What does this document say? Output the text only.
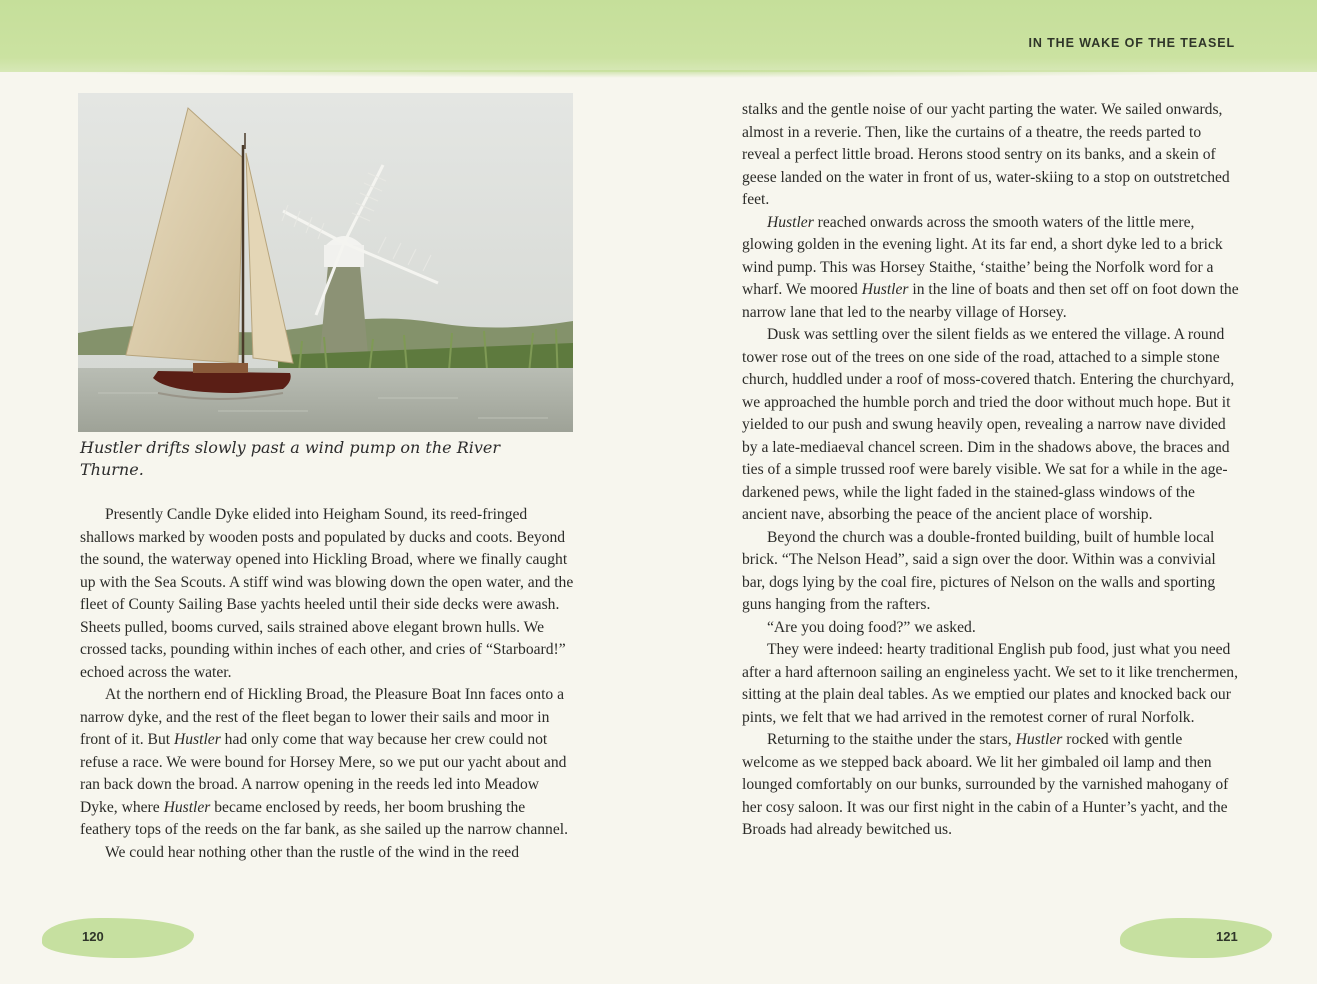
IN THE WAKE OF THE TEASEL
Hustler drifts slowly past a wind pump on the River Thurne.

Presently Candle Dyke elided into Heigham Sound, its reed-fringed shallows marked by wooden posts and populated by ducks and coots. Beyond the sound, the waterway opened into Hickling Broad, where we finally caught up with the Sea Scouts. A stiff wind was blowing down the open water, and the fleet of County Sailing Base yachts heeled until their side decks were awash. Sheets pulled, booms curved, sails strained above elegant brown hulls. We crossed tacks, pounding within inches of each other, and cries of “Starboard!” echoed across the water.

At the northern end of Hickling Broad, the Pleasure Boat Inn faces onto a narrow dyke, and the rest of the fleet began to lower their sails and moor in front of it. But Hustler had only come that way because her crew could not refuse a race. We were bound for Horsey Mere, so we put our yacht about and ran back down the broad. A narrow opening in the reeds led into Meadow Dyke, where Hustler became enclosed by reeds, her boom brushing the feathery tops of the reeds on the far bank, as she sailed up the narrow channel.

We could hear nothing other than the rustle of the wind in the reed

stalks and the gentle noise of our yacht parting the water. We sailed onwards, almost in a reverie. Then, like the curtains of a theatre, the reeds parted to reveal a perfect little broad. Herons stood sentry on its banks, and a skein of geese landed on the water in front of us, water-skiing to a stop on outstretched feet.

Hustler reached onwards across the smooth waters of the little mere, glowing golden in the evening light. At its far end, a short dyke led to a brick wind pump. This was Horsey Staithe, ‘staithe’ being the Norfolk word for a wharf. We moored Hustler in the line of boats and then set off on foot down the narrow lane that led to the nearby village of Horsey.

Dusk was settling over the silent fields as we entered the village. A round tower rose out of the trees on one side of the road, attached to a simple stone church, huddled under a roof of moss-covered thatch. Entering the churchyard, we approached the humble porch and tried the door without much hope. But it yielded to our push and swung heavily open, revealing a narrow nave divided by a late-mediaeval chancel screen. Dim in the shadows above, the braces and ties of a simple trussed roof were barely visible. We sat for a while in the age-darkened pews, while the light faded in the stained-glass windows of the ancient nave, absorbing the peace of the ancient place of worship.

Beyond the church was a double-fronted building, built of humble local brick. “The Nelson Head”, said a sign over the door. Within was a convivial bar, dogs lying by the coal fire, pictures of Nelson on the walls and sporting guns hanging from the rafters.

“Are you doing food?” we asked.

They were indeed: hearty traditional English pub food, just what you need after a hard afternoon sailing an engineless yacht. We set to it like trenchermen, sitting at the plain deal tables. As we emptied our plates and knocked back our pints, we felt that we had arrived in the remotest corner of rural Norfolk.

Returning to the staithe under the stars, Hustler rocked with gentle welcome as we stepped back aboard. We lit her gimbaled oil lamp and then lounged comfortably on our bunks, surrounded by the varnished mahogany of her cosy saloon. It was our first night in the cabin of a Hunter’s yacht, and the Broads had already bewitched us.

120	121
